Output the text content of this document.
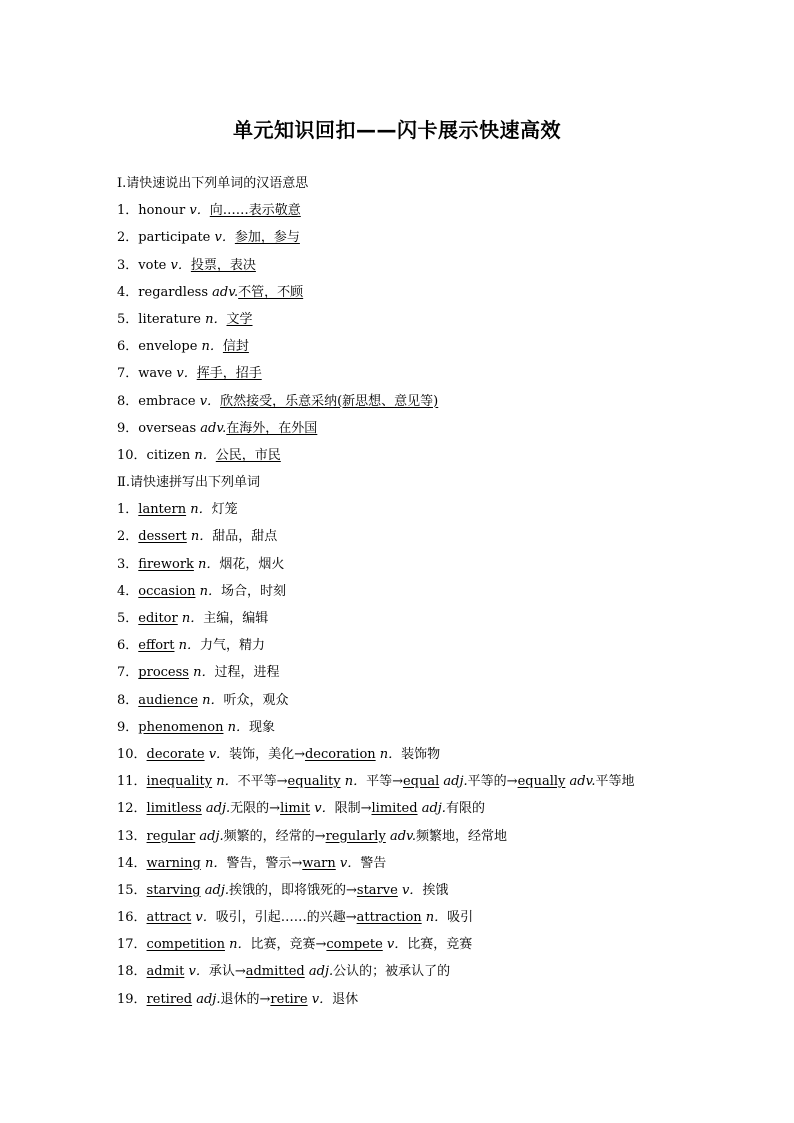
单元知识回扣——闪卡展示快速高效
Ⅰ.请快速说出下列单词的汉语意思
1．honour v．向……表示敬意
2．participate v．参加，参与
3．vote v．投票，表决
4．regardless adv.不管，不顾
5．literature n．文学
6．envelope n．信封
7．wave v．挥手，招手
8．embrace v．欣然接受，乐意采纳(新思想、意见等)
9．overseas adv.在海外，在外国
10．citizen n．公民，市民
Ⅱ.请快速拼写出下列单词
1．lantern n．灯笼
2．dessert n．甜品，甜点
3．firework n．烟花，烟火
4．occasion n．场合，时刻
5．editor n．主编，编辑
6．effort n．力气，精力
7．process n．过程，进程
8．audience n．听众，观众
9．phenomenon n．现象
10．decorate v．装饰，美化→decoration n．装饰物
11．inequality n．不平等→equality n．平等→equal adj.平等的→equally adv.平等地
12．limitless adj.无限的→limit v．限制→limited adj.有限的
13．regular adj.频繁的，经常的→regularly adv.频繁地，经常地
14．warning n．警告，警示→warn v．警告
15．starving adj.挨饿的，即将饿死的→starve v．挨饿
16．attract v．吸引，引起……的兴趣→attraction n．吸引
17．competition n．比赛，竞赛→compete v．比赛，竞赛
18．admit v．承认→admitted adj.公认的；被承认了的
19．retired adj.退休的→retire v．退休
